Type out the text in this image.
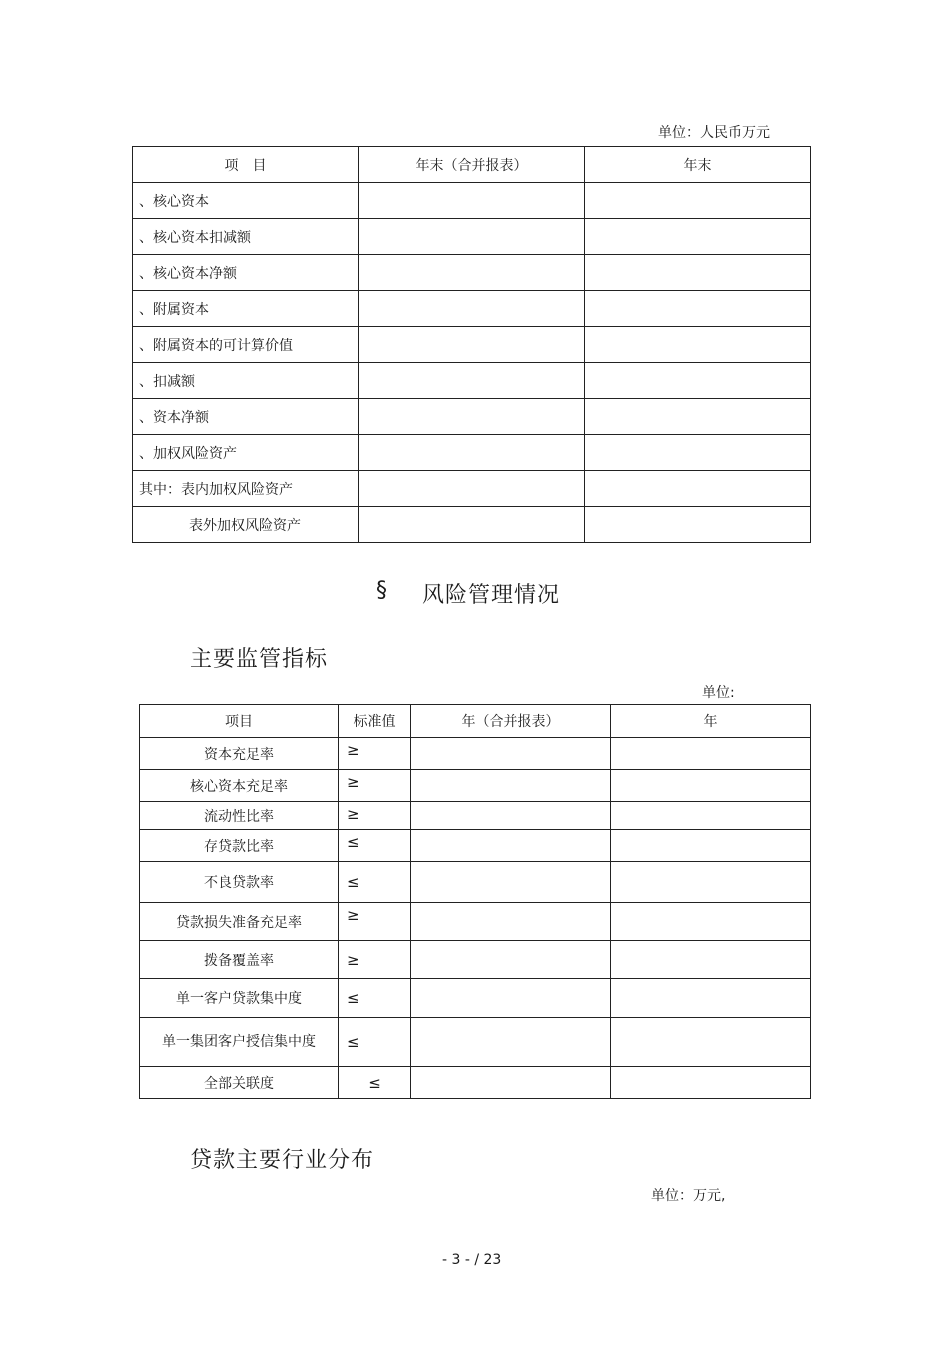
单位：人民币万元
项　目	年末（合并报表）	年末
、核心资本		
、核心资本扣减额		
、核心资本净额		
、附属资本		
、附属资本的可计算价值		
、扣减额		
、资本净额		
、加权风险资产		
其中：表内加权风险资产		
表外加权风险资产		
§ 风险管理情况
主要监管指标
单位:
项目	标准值	年（合并报表）	年
资本充足率	≥		
核心资本充足率	≥		
流动性比率	≥		
存贷款比率	≤		
不良贷款率	≤		
贷款损失准备充足率	≥		
拨备覆盖率	≥		
单一客户贷款集中度	≤		
单一集团客户授信集中度	≤		
全部关联度	≤		
贷款主要行业分布
单位：万元,
- 3 - / 23
